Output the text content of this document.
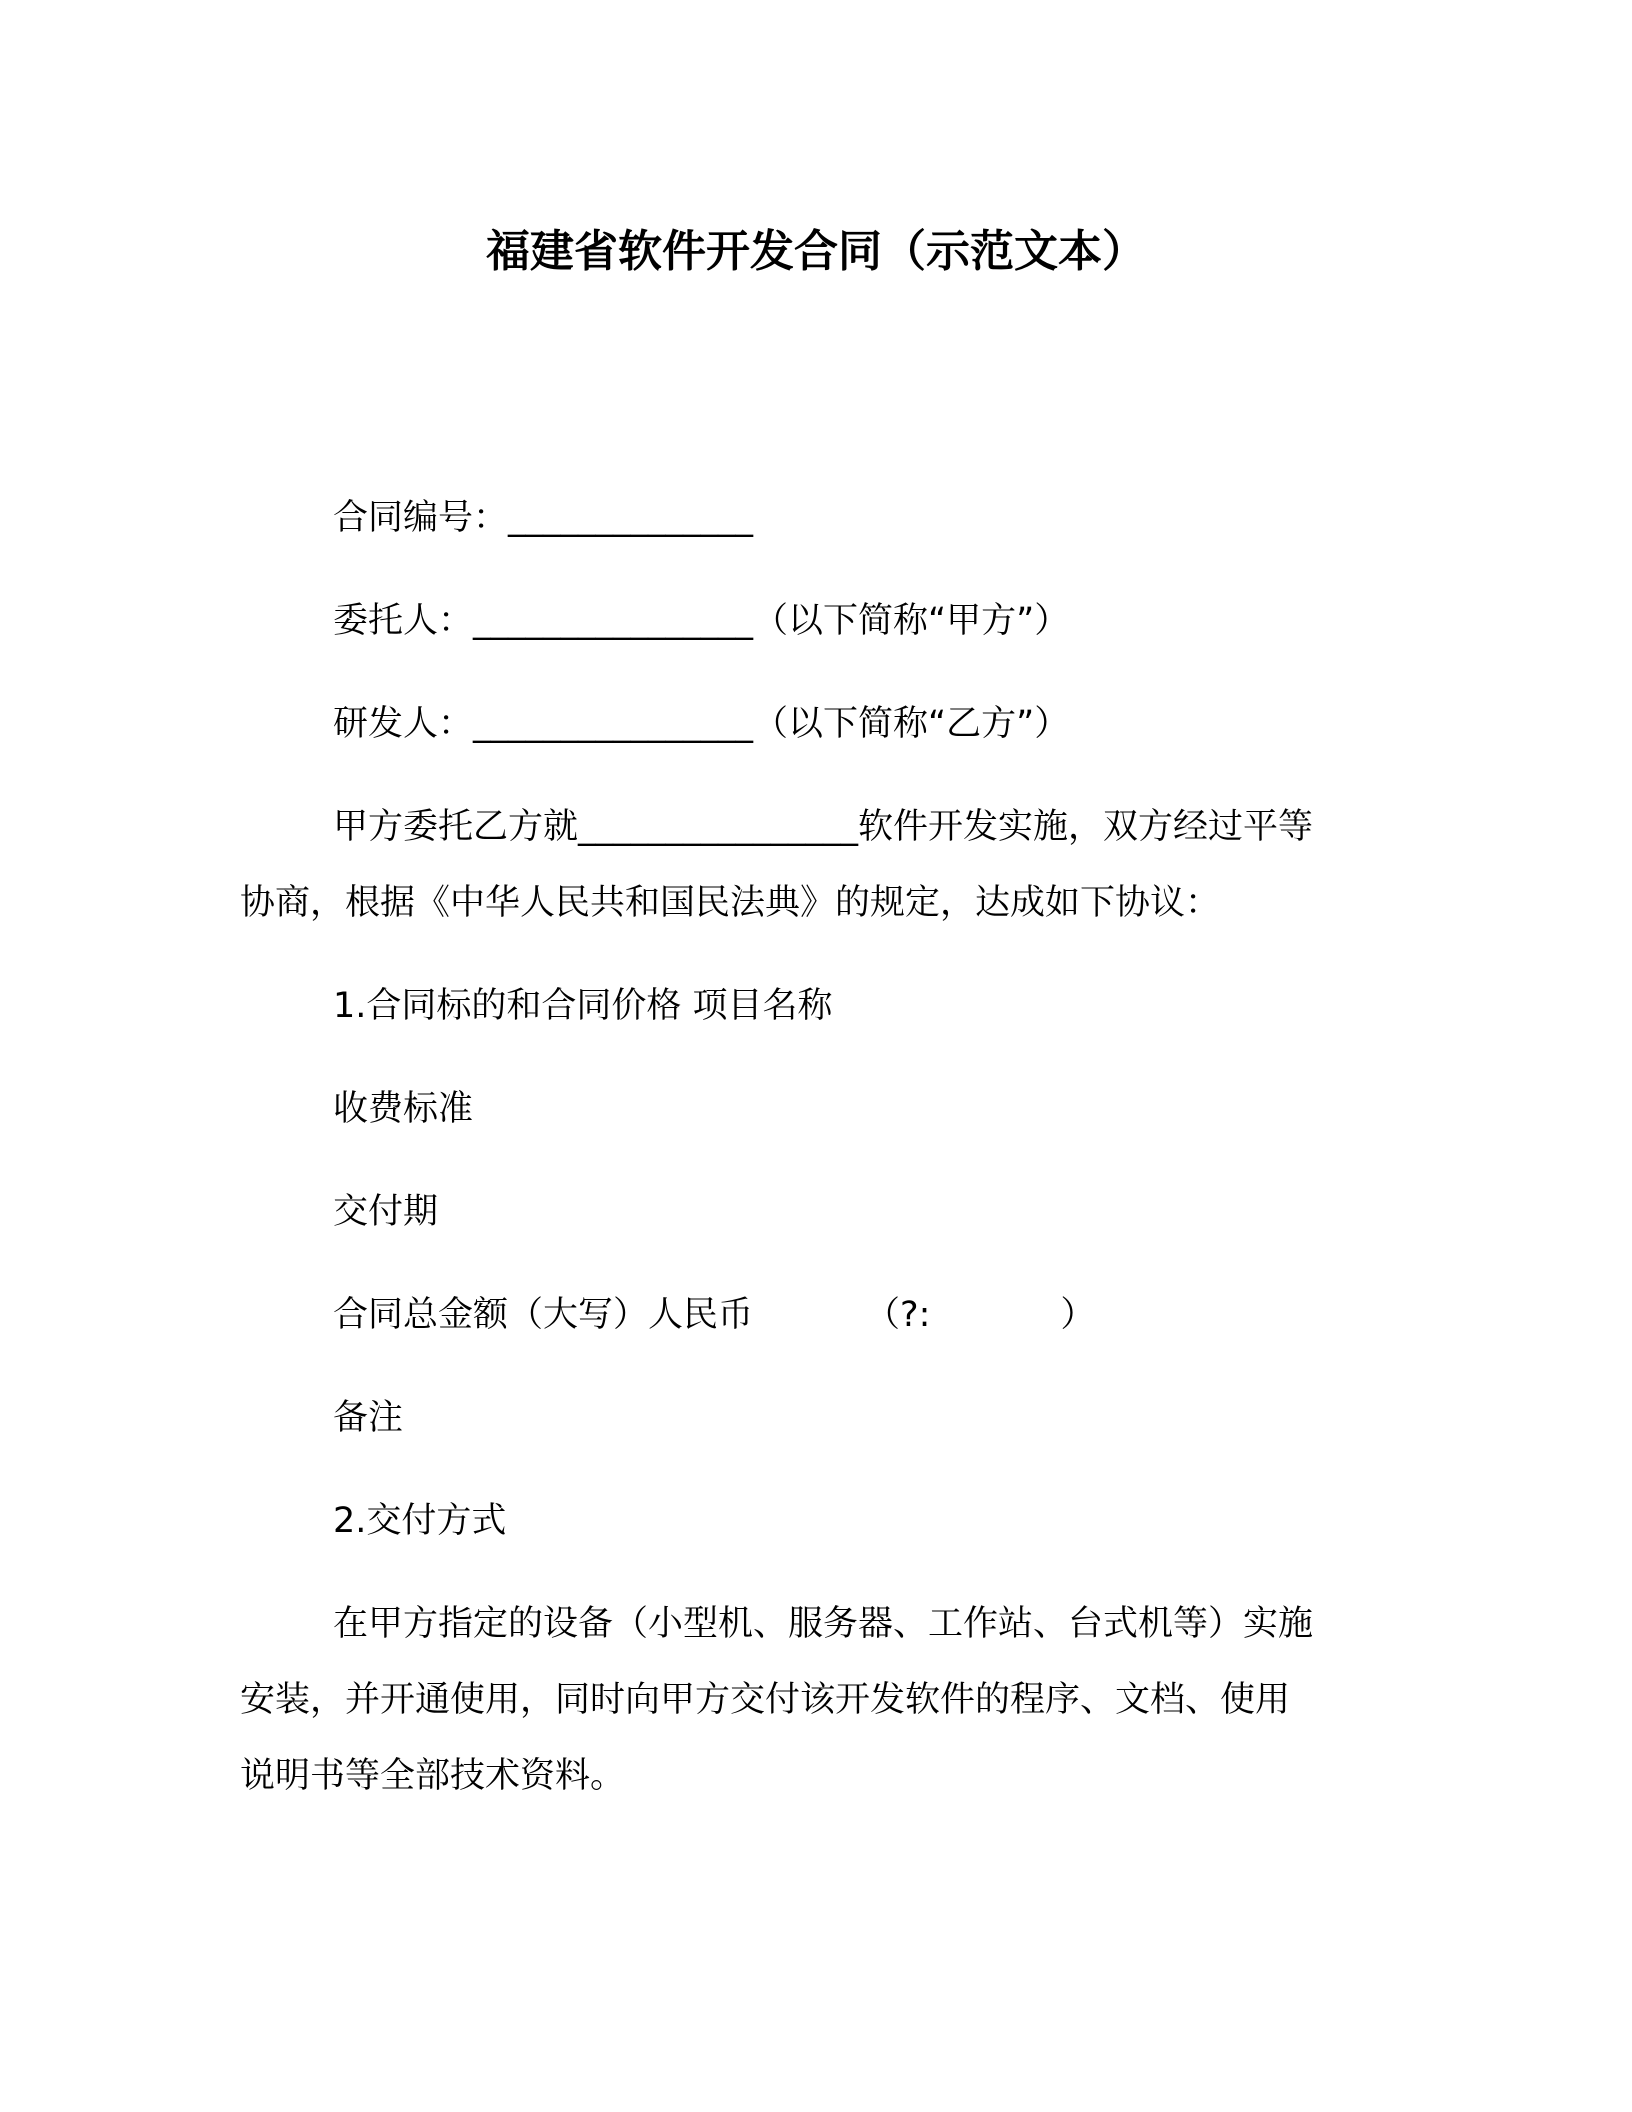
福建省软件开发合同（示范文本）
合同编号：______________
委托人：________________（以下简称“甲方”）
研发人：________________（以下简称“乙方”）
甲方委托乙方就________________软件开发实施，双方经过平等
协商，根据《中华人民共和国民法典》的规定，达成如下协议：
1.合同标的和合同价格 项目名称
收费标准
交付期
合同总金额（大写）人民币	（?:	）
备注
2.交付方式
在甲方指定的设备（小型机、服务器、工作站、台式机等）实施
安装，并开通使用，同时向甲方交付该开发软件的程序、文档、使用
说明书等全部技术资料。
